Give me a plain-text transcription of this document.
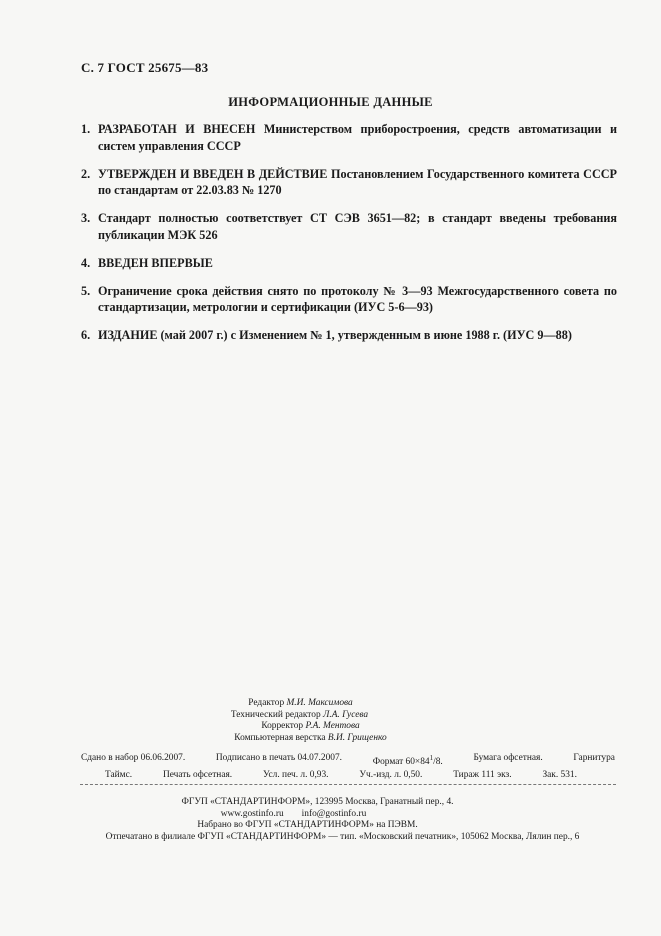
С. 7 ГОСТ 25675—83
ИНФОРМАЦИОННЫЕ ДАННЫЕ
1. РАЗРАБОТАН И ВНЕСЕН Министерством приборостроения, средств автоматизации и систем управления СССР
2. УТВЕРЖДЕН И ВВЕДЕН В ДЕЙСТВИЕ Постановлением Государственного комитета СССР по стандартам от 22.03.83 № 1270
3. Стандарт полностью соответствует СТ СЭВ 3651—82; в стандарт введены требования публикации МЭК 526
4. ВВЕДЕН ВПЕРВЫЕ
5. Ограничение срока действия снято по протоколу № 3—93 Межгосударственного совета по стандартизации, метрологии и сертификации (ИУС 5-6—93)
6. ИЗДАНИЕ (май 2007 г.) с Изменением № 1, утвержденным в июне 1988 г. (ИУС 9—88)
Редактор М.И. Максимова
Технический редактор Л.А. Гусева
Корректор Р.А. Ментова
Компьютерная верстка В.И. Грищенко
Сдано в набор 06.06.2007.	Подписано в печать 04.07.2007.	Формат $60\times 84^1/8$.	Бумага офсетная.	Гарнитура
Таймс.	Печать офсетная.	Усл. печ. л. 0,93.	Уч.-изд. л. 0,50.	Тираж 111 экз.	Зак. 531.
ФГУП «СТАНДАРТИНФОРМ», 123995 Москва, Гранатный пер., 4.
www.gostinfo.ru info@gostinfo.ru
Набрано во ФГУП «СТАНДАРТИНФОРМ» на ПЭВМ.
Отпечатано в филиале ФГУП «СТАНДАРТИНФОРМ» — тип. «Московский печатник», 105062 Москва, Лялин пер., 6
